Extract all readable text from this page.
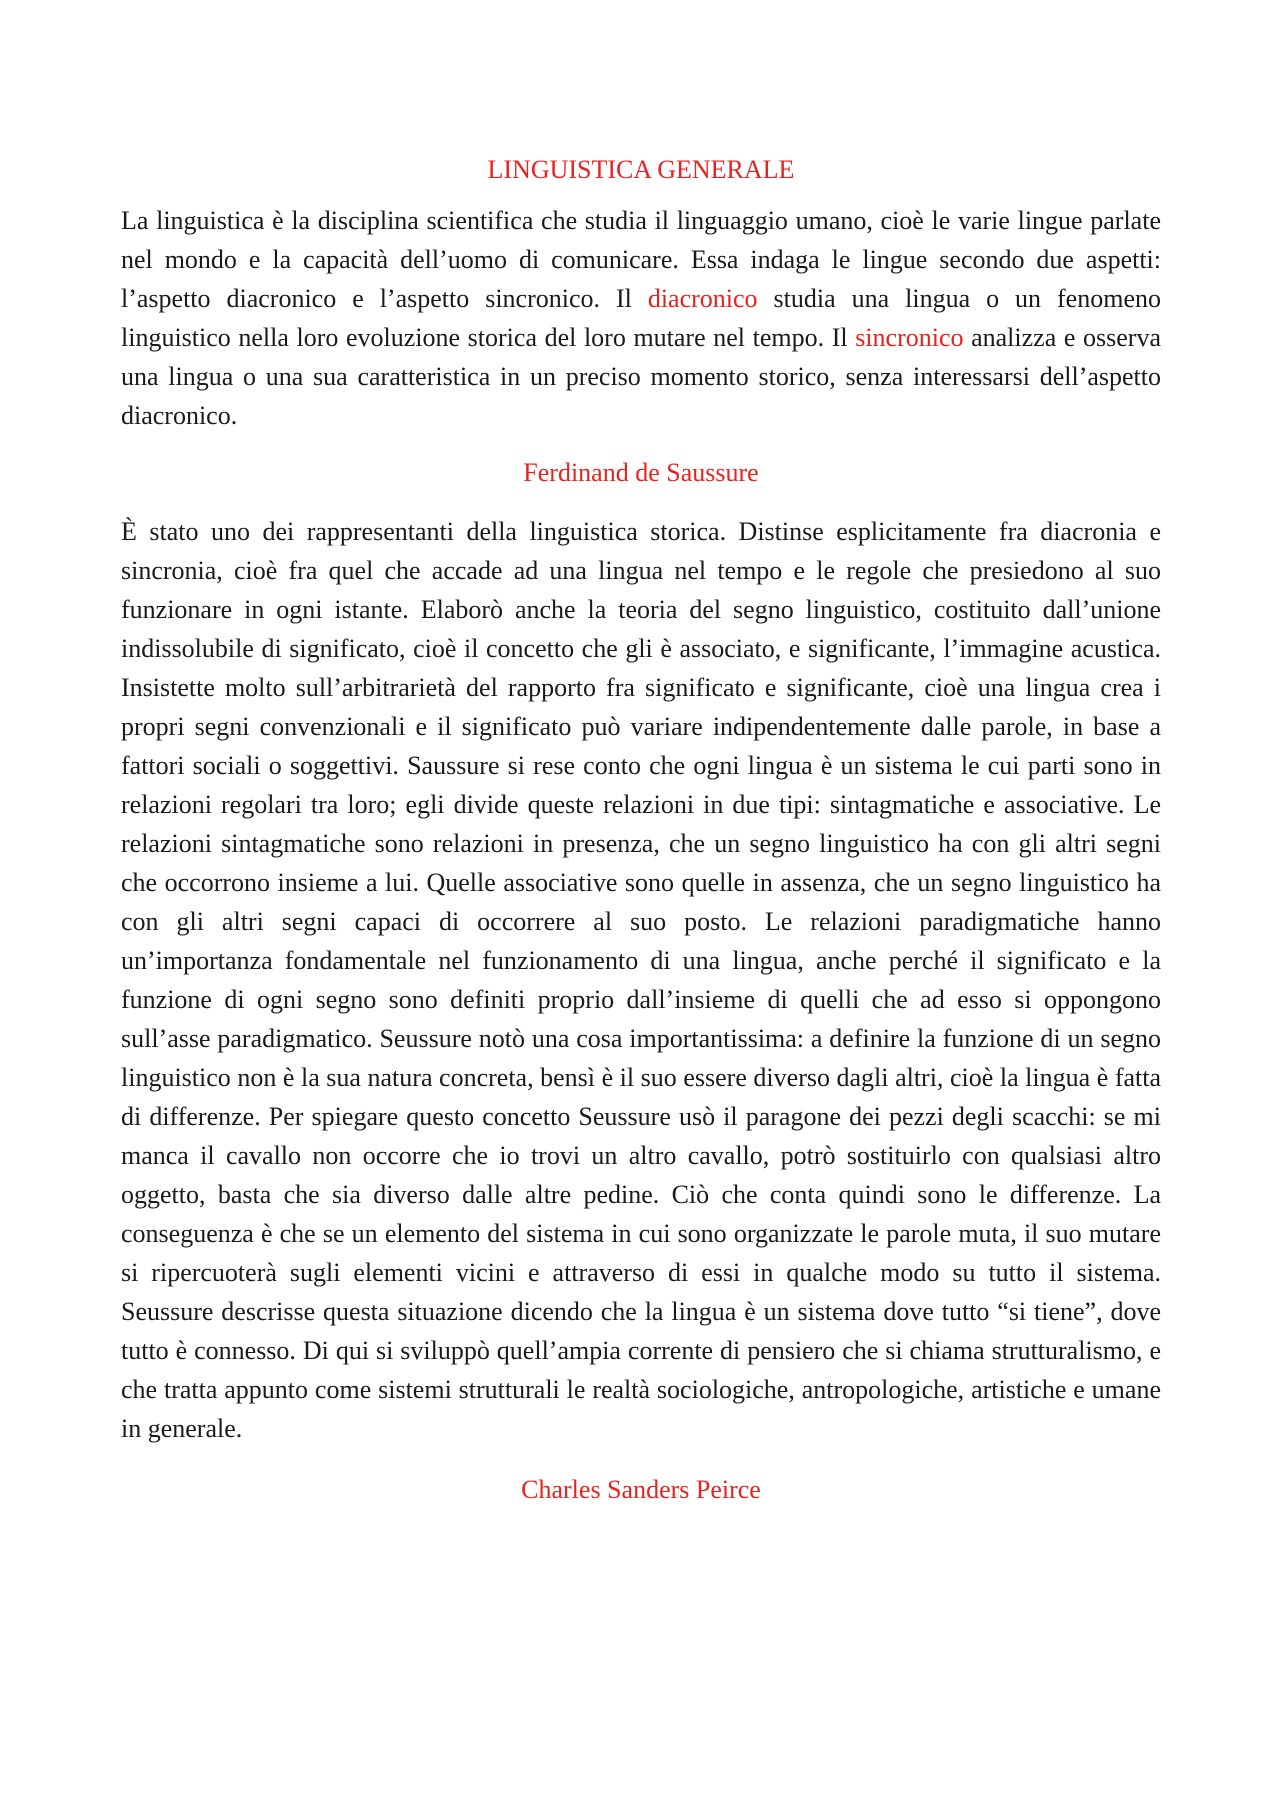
LINGUISTICA GENERALE

La linguistica è la disciplina scientifica che studia il linguaggio umano, cioè le varie lingue parlate nel mondo e la capacità dell’uomo di comunicare. Essa indaga le lingue secondo due aspetti: l’aspetto diacronico e l’aspetto sincronico. Il diacronico studia una lingua o un fenomeno linguistico nella loro evoluzione storica del loro mutare nel tempo. Il sincronico analizza e osserva una lingua o una sua caratteristica in un preciso momento storico, senza interessarsi dell’aspetto diacronico.

Ferdinand de Saussure

È stato uno dei rappresentanti della linguistica storica. Distinse esplicitamente fra diacronia e sincronia, cioè fra quel che accade ad una lingua nel tempo e le regole che presiedono al suo funzionare in ogni istante. Elaborò anche la teoria del segno linguistico, costituito dall’unione indissolubile di significato, cioè il concetto che gli è associato, e significante, l’immagine acustica. Insistette molto sull’arbitrarietà del rapporto fra significato e significante, cioè una lingua crea i propri segni convenzionali e il significato può variare indipendentemente dalle parole, in base a fattori sociali o soggettivi. Saussure si rese conto che ogni lingua è un sistema le cui parti sono in relazioni regolari tra loro; egli divide queste relazioni in due tipi: sintagmatiche e associative. Le relazioni sintagmatiche sono relazioni in presenza, che un segno linguistico ha con gli altri segni che occorrono insieme a lui. Quelle associative sono quelle in assenza, che un segno linguistico ha con gli altri segni capaci di occorrere al suo posto. Le relazioni paradigmatiche hanno un’importanza fondamentale nel funzionamento di una lingua, anche perché il significato e la funzione di ogni segno sono definiti proprio dall’insieme di quelli che ad esso si oppongono sull’asse paradigmatico. Seussure notò una cosa importantissima: a definire la funzione di un segno linguistico non è la sua natura concreta, bensì è il suo essere diverso dagli altri, cioè la lingua è fatta di differenze. Per spiegare questo concetto Seussure usò il paragone dei pezzi degli scacchi: se mi manca il cavallo non occorre che io trovi un altro cavallo, potrò sostituirlo con qualsiasi altro oggetto, basta che sia diverso dalle altre pedine. Ciò che conta quindi sono le differenze. La conseguenza è che se un elemento del sistema in cui sono organizzate le parole muta, il suo mutare si ripercuoterà sugli elementi vicini e attraverso di essi in qualche modo su tutto il sistema. Seussure descrisse questa situazione dicendo che la lingua è un sistema dove tutto “si tiene”, dove tutto è connesso. Di qui si sviluppò quell’ampia corrente di pensiero che si chiama strutturalismo, e che tratta appunto come sistemi strutturali le realtà sociologiche, antropologiche, artistiche e umane in generale.

Charles Sanders Peirce
